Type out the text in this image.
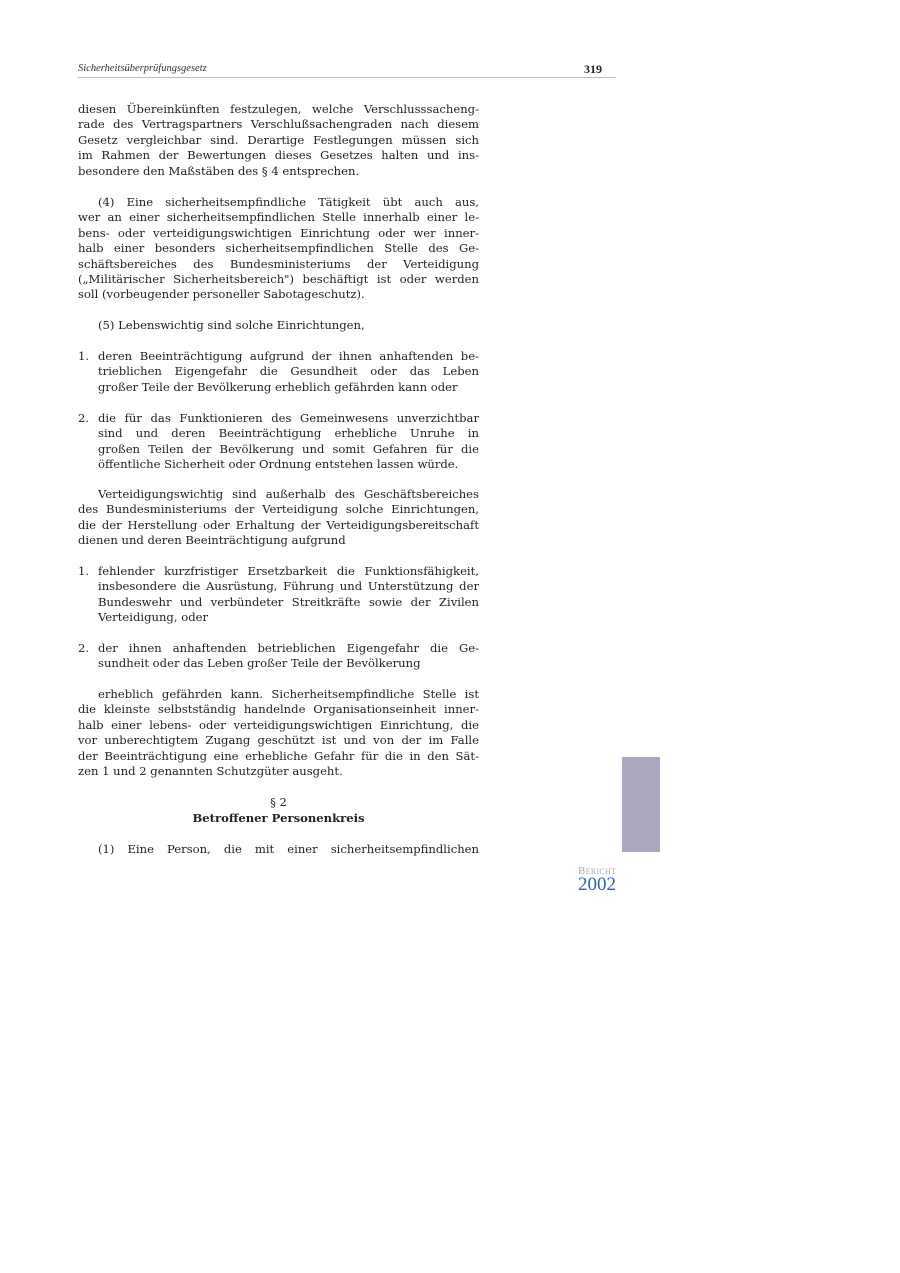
Sicherheitsüberprüfungsgesetz	319
diesen Übereinkünften festzulegen, welche Verschlusssacheng-
rade des Vertragspartners Verschlußsachengraden nach diesem
Gesetz vergleichbar sind. Derartige Festlegungen müssen sich
im Rahmen der Bewertungen dieses Gesetzes halten und ins-
besondere den Maßstäben des § 4 entsprechen.
(4) Eine sicherheitsempfindliche Tätigkeit übt auch aus,
wer an einer sicherheitsempfindlichen Stelle innerhalb einer le-
bens- oder verteidigungswichtigen Einrichtung oder wer inner-
halb einer besonders sicherheitsempfindlichen Stelle des Ge-
schäftsbereiches des Bundesministeriums der Verteidigung
(„Militärischer Sicherheitsbereich") beschäftigt ist oder werden
soll (vorbeugender personeller Sabotageschutz).
(5) Lebenswichtig sind solche Einrichtungen,
1. deren Beeinträchtigung aufgrund der ihnen anhaftenden be-
trieblichen Eigengefahr die Gesundheit oder das Leben
großer Teile der Bevölkerung erheblich gefährden kann oder
2. die für das Funktionieren des Gemeinwesens unverzichtbar
sind und deren Beeinträchtigung erhebliche Unruhe in
großen Teilen der Bevölkerung und somit Gefahren für die
öffentliche Sicherheit oder Ordnung entstehen lassen würde.
Verteidigungswichtig sind außerhalb des Geschäftsbereiches
des Bundesministeriums der Verteidigung solche Einrichtungen,
die der Herstellung oder Erhaltung der Verteidigungsbereitschaft
dienen und deren Beeinträchtigung aufgrund
1. fehlender kurzfristiger Ersetzbarkeit die Funktionsfähigkeit,
insbesondere die Ausrüstung, Führung und Unterstützung der
Bundeswehr und verbündeter Streitkräfte sowie der Zivilen
Verteidigung, oder
2. der ihnen anhaftenden betrieblichen Eigengefahr die Ge-
sundheit oder das Leben großer Teile der Bevölkerung
erheblich gefährden kann. Sicherheitsempfindliche Stelle ist
die kleinste selbstständig handelnde Organisationseinheit inner-
halb einer lebens- oder verteidigungswichtigen Einrichtung, die
vor unberechtigtem Zugang geschützt ist und von der im Falle
der Beeinträchtigung eine erhebliche Gefahr für die in den Sät-
zen 1 und 2 genannten Schutzgüter ausgeht.
§ 2
Betroffener Personenkreis
(1) Eine Person, die mit einer sicherheitsempfindlichen
Bericht
2002
